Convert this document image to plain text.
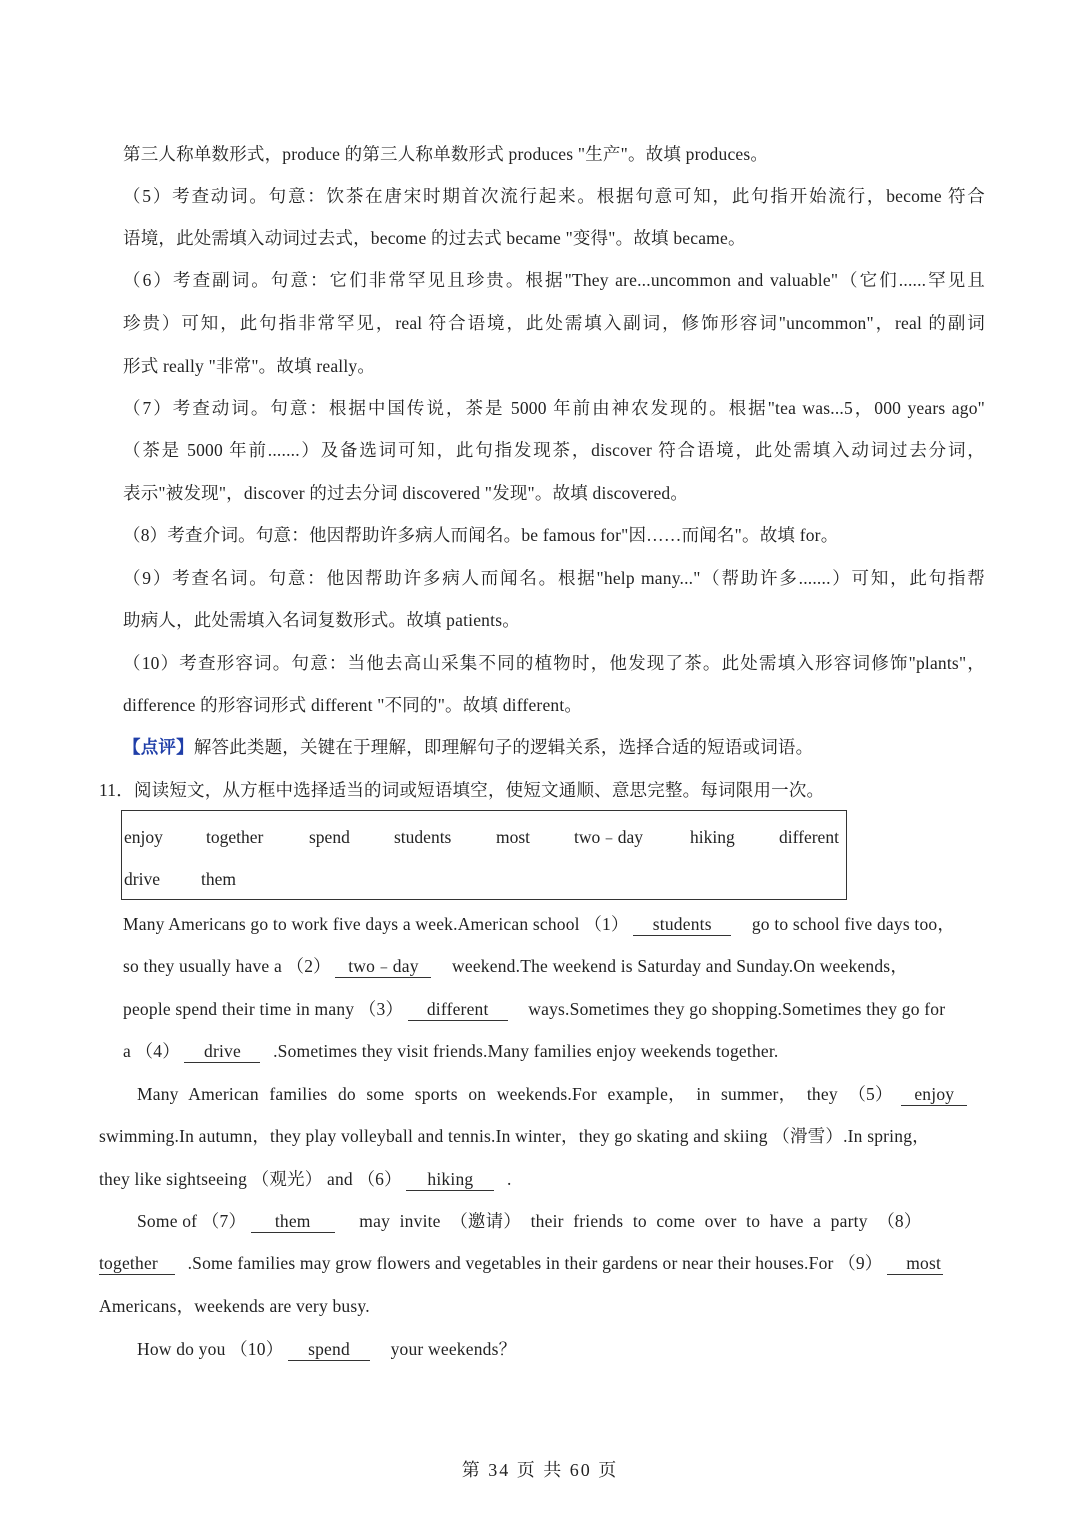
第三人称单数形式，produce 的第三人称单数形式 produces "生产"。故填 produces。
（5）考查动词。句意：饮茶在唐宋时期首次流行起来。根据句意可知，此句指开始流行，become 符合
语境，此处需填入动词过去式，become 的过去式 became "变得"。故填 became。
（6）考查副词。句意：它们非常罕见且珍贵。根据"They are...uncommon and valuable"（它们......罕见且
珍贵）可知，此句指非常罕见，real 符合语境，此处需填入副词，修饰形容词"uncommon"，real 的副词
形式 really "非常"。故填 really。
（7）考查动词。句意：根据中国传说，茶是 5000 年前由神农发现的。根据"tea was...5，000 years ago"
（茶是 5000 年前.......）及备选词可知，此句指发现茶，discover 符合语境，此处需填入动词过去分词，
表示"被发现"，discover 的过去分词 discovered "发现"。故填 discovered。
（8）考查介词。句意：他因帮助许多病人而闻名。be famous for"因……而闻名"。故填 for。
（9）考查名词。句意：他因帮助许多病人而闻名。根据"help many..."（帮助许多.......）可知，此句指帮
助病人，此处需填入名词复数形式。故填 patients。
（10）考查形容词。句意：当他去高山采集不同的植物时，他发现了茶。此处需填入形容词修饰"plants"，
difference 的形容词形式 different "不同的"。故填 different。
【点评】解答此类题，关键在于理解，即理解句子的逻辑关系，选择合适的短语或词语。
11．阅读短文，从方框中选择适当的词或短语填空，使短文通顺、意思完整。每词限用一次。
enjoy together	spend	students	most	two﹣day	hiking	different
drive them
Many Americans go to work five days a week.American school （1） students go to school five days too，
so they usually have a （2） two﹣day weekend.The weekend is Saturday and Sunday.On weekends，
people spend their time in many （3） different ways.Sometimes they go shopping.Sometimes they go for
a （4） drive .Sometimes they visit friends.Many families enjoy weekends together.
Many American families do some sports on weekends.For example， in summer， they （5） enjoy
swimming.In autumn，they play volleyball and tennis.In winter，they go skating and skiing （滑雪）.In spring，
they like sightseeing （观光） and （6） hiking .
Some of （7） them	may invite （邀请） their friends to come over to have a party （8）
together .Some families may grow flowers and vegetables in their gardens or near their houses.For （9） most
Americans，weekends are very busy.
How do you （10） spend your weekends？
第 34 页 共 60 页
